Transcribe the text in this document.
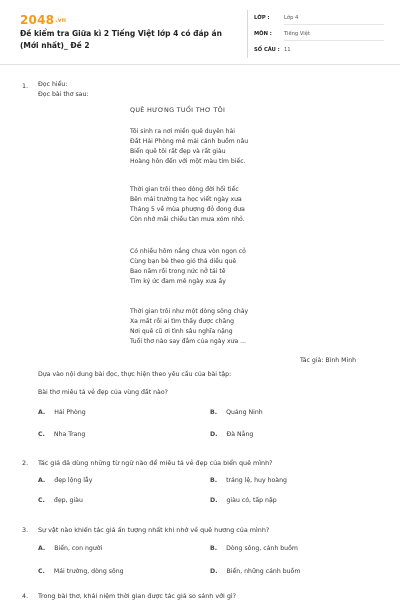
2048.vn
Đề kiểm tra Giữa kì 2 Tiếng Việt lớp 4 có đáp án (Mới nhất)_ Đề 2
LỚP :	Lớp 4
MÔN : Tiếng Việt
SỐ CÂU : 11
1.	Đọc hiểu:
Đọc bài thơ sau:
QUÊ HƯƠNG TUỔI THƠ TÔI
Tôi sinh ra nơi miền quê duyên hải
Đất Hải Phòng mê mải cánh buồm nâu
Biển quê tôi rất đẹp và rất giàu
Hoàng hôn đến với một màu tím biếc.
Thời gian trôi theo dòng đời hối tiếc
Bên mái trường ta học viết ngày xưa
Tháng 5 về mùa phượng đỏ đong đưa
Còn nhớ mãi chiều tàn mưa xóm nhỏ.
Có nhiều hôm nắng chưa vòn ngọn cỏ
Cùng bạn bè theo gió thả diều quê
Bao năm rồi trong nức nở tái tê
Tìm ký ức đam mê ngày xưa ấy
Thời gian trôi như một dòng sông chảy
Xa mất rồi ai tìm thấy được chăng
Nơi quê cũ ơi tình sâu nghĩa nặng
Tuổi thơ nào say đắm của ngày xưa ...
Tác giả: Bình Minh
Dựa vào nội dung bài đọc, thực hiện theo yêu cầu của bài tập:
Bài thơ miêu tả vẻ đẹp của vùng đất nào?
A. Hải Phòng	B. Quảng Ninh
C. Nha Trang	D. Đà Nẵng
2.	Tác giả đã dùng những từ ngữ nào để miêu tả vẻ đẹp của biển quê mình?
A. đẹp lộng lẫy	B. tráng lệ, huy hoàng
C. đẹp, giàu	D. giàu có, tấp nập
3.	Sự vật nào khiến tác giả ấn tượng nhất khi nhớ về quê hương của mình?
A. Biển, con người	B. Dòng sông, cánh buồm
C. Mái trường, dòng sông	D. Biển, những cánh buồm
4.	Trong bài thơ, khái niệm thời gian được tác giả so sánh với gì?
